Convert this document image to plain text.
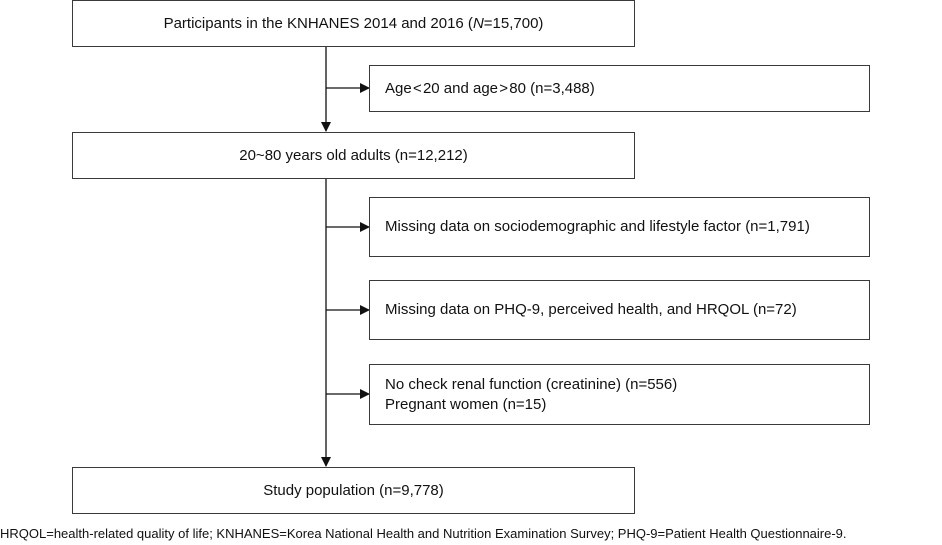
Participants in the KNHANES 2014 and 2016 (N=15,700)
Age < 20 and age > 80 (n=3,488)
20~80 years old adults (n=12,212)
Missing data on sociodemographic and lifestyle factor (n=1,791)
Missing data on PHQ-9, perceived health, and HRQOL (n=72)
No check renal function (creatinine) (n=556)
Pregnant women (n=15)
Study population (n=9,778)
HRQOL=health-related quality of life; KNHANES=Korea National Health and Nutrition Examination Survey; PHQ-9=Patient Health Questionnaire-9.
